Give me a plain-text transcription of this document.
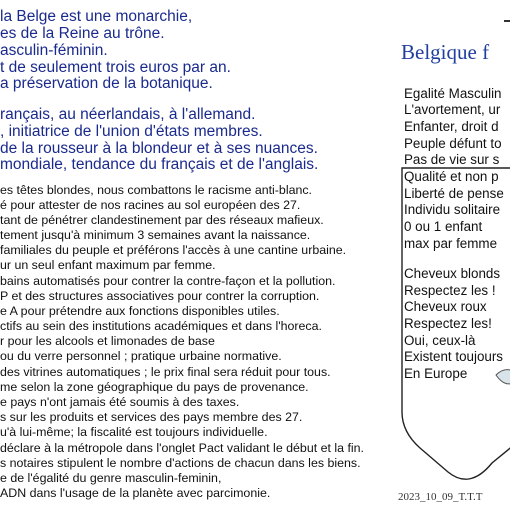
la Belge est une monarchie,
es de la Reine au trône.
asculin-féminin.
t de seulement trois euros par an.
a préservation de la botanique.
rançais, au néerlandais, à l'allemand.
, initiatrice de l'union d'états membres.
de la rousseur à la blondeur et à ses nuances.
mondiale, tendance du français et de l'anglais.
es têtes blondes, nous combattons le racisme anti-blanc.
é pour attester de nos racines au sol européen des 27.
tant de pénétrer clandestinement par des réseaux mafieux.
tement jusqu'à minimum 3 semaines avant la naissance.
familiales du peuple et préférons l'accès à une cantine urbaine.
ur un seul enfant maximum par femme.
bains automatisés pour contrer la contre-façon et la pollution.
P et des structures associatives pour contrer la corruption.
e A pour prétendre aux fonctions disponibles utiles.
ctifs au sein des institutions académiques et dans l'horeca.
r pour les alcools et limonades de base
ou du verre personnel ; pratique urbaine normative.
des vitrines automatiques ; le prix final sera réduit pour tous.
me selon la zone géographique du pays de provenance.
e pays n'ont jamais été soumis à des taxes.
s sur les produits et services des pays membre des 27.
u'à lui-même; la fiscalité est toujours individuelle.
déclare à la métropole dans l'onglet Pact validant le début et la fin.
s notaires stipulent le nombre d'actions de chacun dans les biens.
e de l'égalité du genre masculin-feminin,
ADN dans l'usage de la planète avec parcimonie.
Belgique f
Egalité Masculin
L'avortement, ur
Enfanter, droit d
Peuple défunt to
Pas de vie sur s
Qualité et non p
Liberté de pense
Individu solitaire
0 ou 1 enfant
max par femme
Cheveux blonds
Respectez les !
Cheveux roux
Respectez les!
Oui, ceux-là
Existent toujours
En Europe
2023_10_09_T.T.T
